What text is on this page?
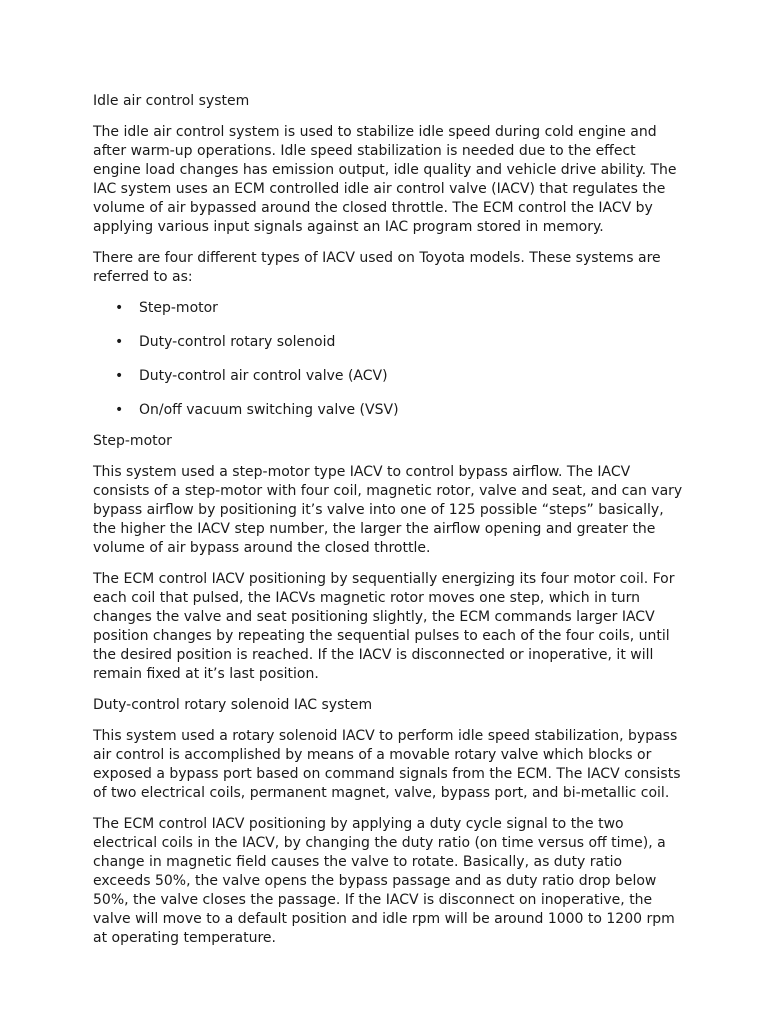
Idle air control system

The idle air control system is used to stabilize idle speed during cold engine and after warm-up operations. Idle speed stabilization is needed due to the effect engine load changes has emission output, idle quality and vehicle drive ability. The IAC system uses an ECM controlled idle air control valve (IACV) that regulates the volume of air bypassed around the closed throttle. The ECM control the IACV by applying various input signals against an IAC program stored in memory.

There are four different types of IACV used on Toyota models. These systems are referred to as:

• Step-motor
• Duty-control rotary solenoid
• Duty-control air control valve (ACV)
• On/off vacuum switching valve (VSV)

Step-motor

This system used a step-motor type IACV to control bypass airflow. The IACV consists of a step-motor with four coil, magnetic rotor, valve and seat, and can vary bypass airflow by positioning it’s valve into one of 125 possible “steps” basically, the higher the IACV step number, the larger the airflow opening and greater the volume of air bypass around the closed throttle.

The ECM control IACV positioning by sequentially energizing its four motor coil. For each coil that pulsed, the IACVs magnetic rotor moves one step, which in turn changes the valve and seat positioning slightly, the ECM commands larger IACV position changes by repeating the sequential pulses to each of the four coils, until the desired position is reached. If the IACV is disconnected or inoperative, it will remain fixed at it’s last position.

Duty-control rotary solenoid IAC system

This system used a rotary solenoid IACV to perform idle speed stabilization, bypass air control is accomplished by means of a movable rotary valve which blocks or exposed a bypass port based on command signals from the ECM. The IACV consists of two electrical coils, permanent magnet, valve, bypass port, and bi-metallic coil.

The ECM control IACV positioning by applying a duty cycle signal to the two electrical coils in the IACV, by changing the duty ratio (on time versus off time), a change in magnetic field causes the valve to rotate. Basically, as duty ratio exceeds 50%, the valve opens the bypass passage and as duty ratio drop below 50%, the valve closes the passage. If the IACV is disconnect on inoperative, the valve will move to a default position and idle rpm will be around 1000 to 1200 rpm at operating temperature.
